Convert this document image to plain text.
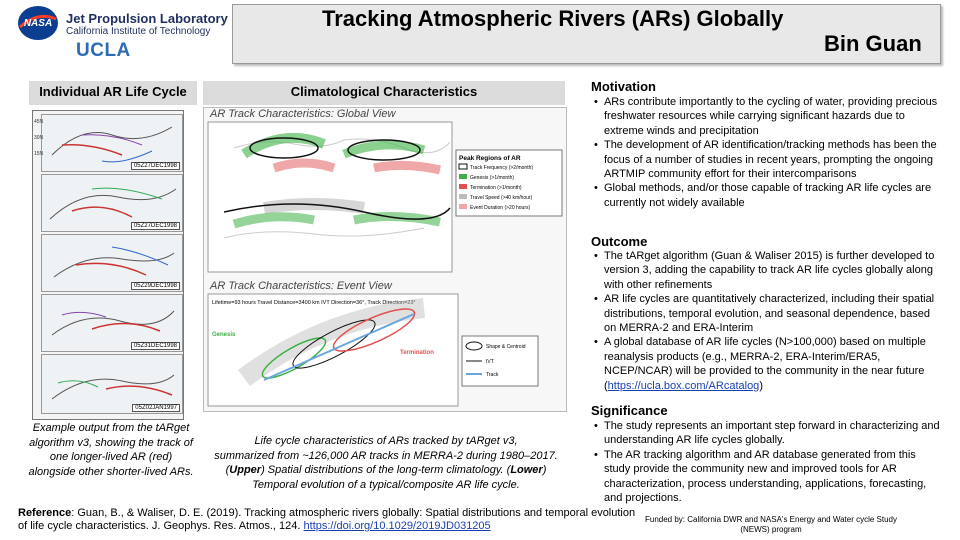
NASA Jet Propulsion Laboratory
California Institute of Technology
UCLA
Tracking Atmospheric Rivers (ARs) Globally
Bin Guan
Individual AR Life Cycle
05Z27DEC1998
05Z27DEC1998
05Z29DEC1998
05Z31DEC1998
05Z02JAN1997
45N
30N
15N
Example output from the tARget algorithm v3, showing the track of one longer-lived AR (red) alongside other shorter-lived ARs.
Climatological Characteristics
Peak Regions of AR
Track Frequency (>2/month)
Genesis (>1/month)
Termination (>1/month)
Travel Speed (>40 km/hour)
Event Duration (>20 hours)
Lifetime=93 hours Travel Distance=3400 km IVT Direction=36°, Track Direction=23°
Genesis
Termination
Shape & Centroid
IVT
Track
AR Track Characteristics: Global View
AR Track Characteristics: Event View
Life cycle characteristics of ARs tracked by tARget v3,
summarized from ~126,000 AR tracks in MERRA-2 during 1980–2017. (Upper) Spatial distributions of the long-term climatology. (Lower) Temporal evolution of a typical/composite AR life cycle.
Motivation
•  ARs contribute importantly to the cycling of water, providing precious freshwater resources while carrying significant hazards due to extreme winds and precipitation
•  The development of AR identification/tracking methods has been the focus of a number of studies in recent years, prompting the ongoing ARTMIP community effort for their intercomparisons
•  Global methods, and/or those capable of tracking AR life cycles are currently not widely available
Outcome
•  The tARget algorithm (Guan & Waliser 2015) is further developed to version 3, adding the capability to track AR life cycles globally along with other refinements
•  AR life cycles are quantitatively characterized, including their spatial distributions, temporal evolution, and seasonal dependence, based on MERRA-2 and ERA-Interim
•  A global database of AR life cycles (N>100,000) based on multiple reanalysis products (e.g., MERRA-2, ERA-Interim/ERA5, NCEP/NCAR) will be provided to the community in the near future (https://ucla.box.com/ARcatalog)
Significance
•  The study represents an important step forward in characterizing and understanding AR life cycles globally.
•  The AR tracking algorithm and AR database generated from this study provide the community new and improved tools for AR characterization, process understanding, applications, forecasting, and projections.
Reference: Guan, B., & Waliser, D. E. (2019). Tracking atmospheric rivers globally: Spatial distributions and temporal evolution of life cycle characteristics. J. Geophys. Res. Atmos., 124. https://doi.org/10.1029/2019JD031205
Funded by: California DWR and NASA's Energy and Water cycle Study (NEWS) program
